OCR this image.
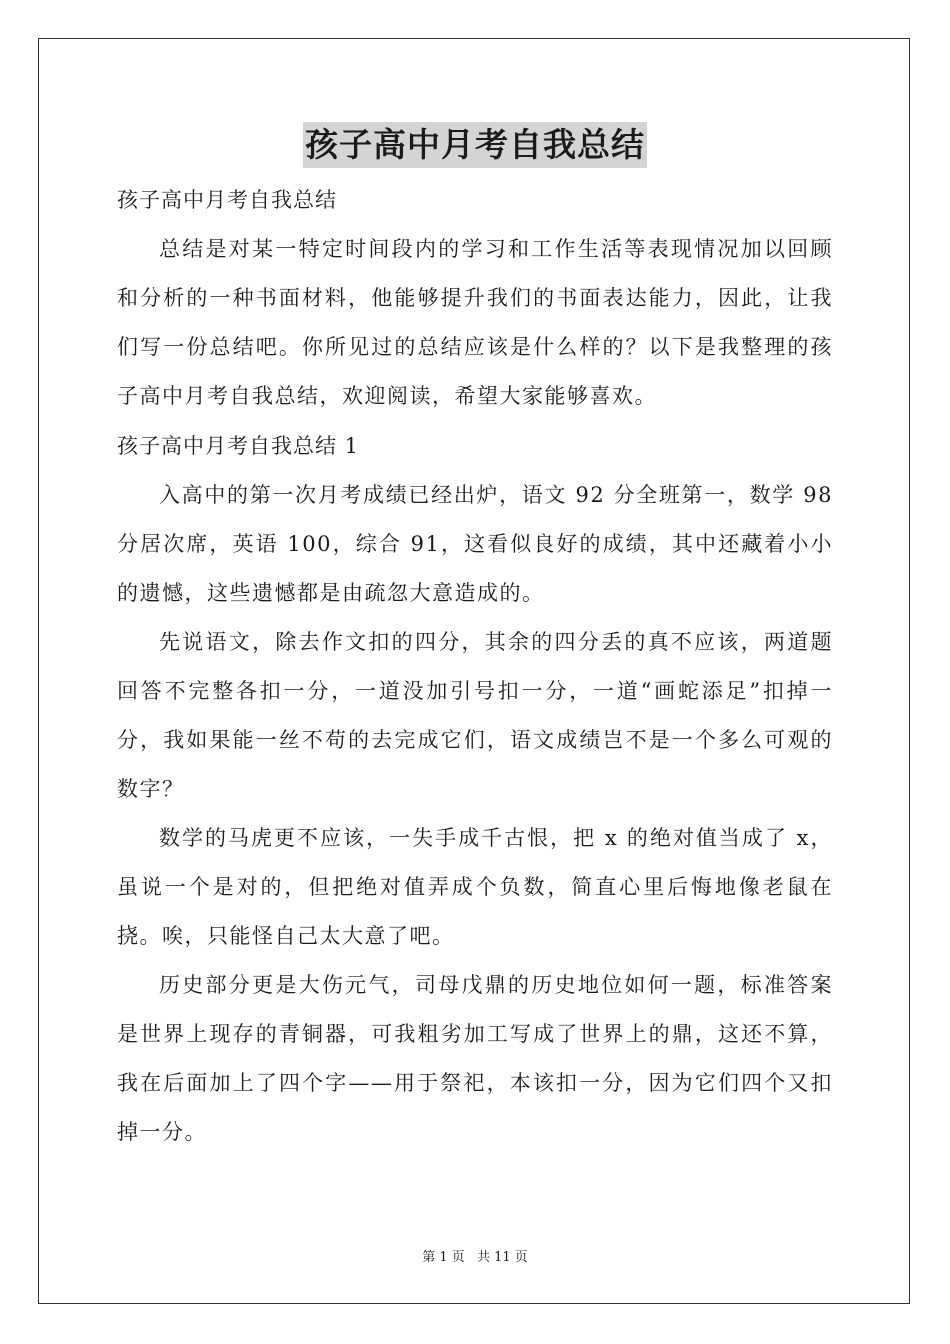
孩子高中月考自我总结

孩子高中月考自我总结

总结是对某一特定时间段内的学习和工作生活等表现情况加以回顾和分析的一种书面材料，他能够提升我们的书面表达能力，因此，让我们写一份总结吧。你所见过的总结应该是什么样的？以下是我整理的孩子高中月考自我总结，欢迎阅读，希望大家能够喜欢。

孩子高中月考自我总结 1

入高中的第一次月考成绩已经出炉，语文 92 分全班第一，数学 98 分居次席，英语 100，综合 91，这看似良好的成绩，其中还藏着小小的遗憾，这些遗憾都是由疏忽大意造成的。

先说语文，除去作文扣的四分，其余的四分丢的真不应该，两道题回答不完整各扣一分，一道没加引号扣一分，一道“画蛇添足”扣掉一分，我如果能一丝不苟的去完成它们，语文成绩岂不是一个多么可观的数字？

数学的马虎更不应该，一失手成千古恨，把 x 的绝对值当成了 x，虽说一个是对的，但把绝对值弄成个负数，简直心里后悔地像老鼠在挠。唉，只能怪自己太大意了吧。

历史部分更是大伤元气，司母戊鼎的历史地位如何一题，标准答案是世界上现存的青铜器，可我粗劣加工写成了世界上的鼎，这还不算，我在后面加上了四个字——用于祭祀，本该扣一分，因为它们四个又扣掉一分。

第 1 页 共 11 页
